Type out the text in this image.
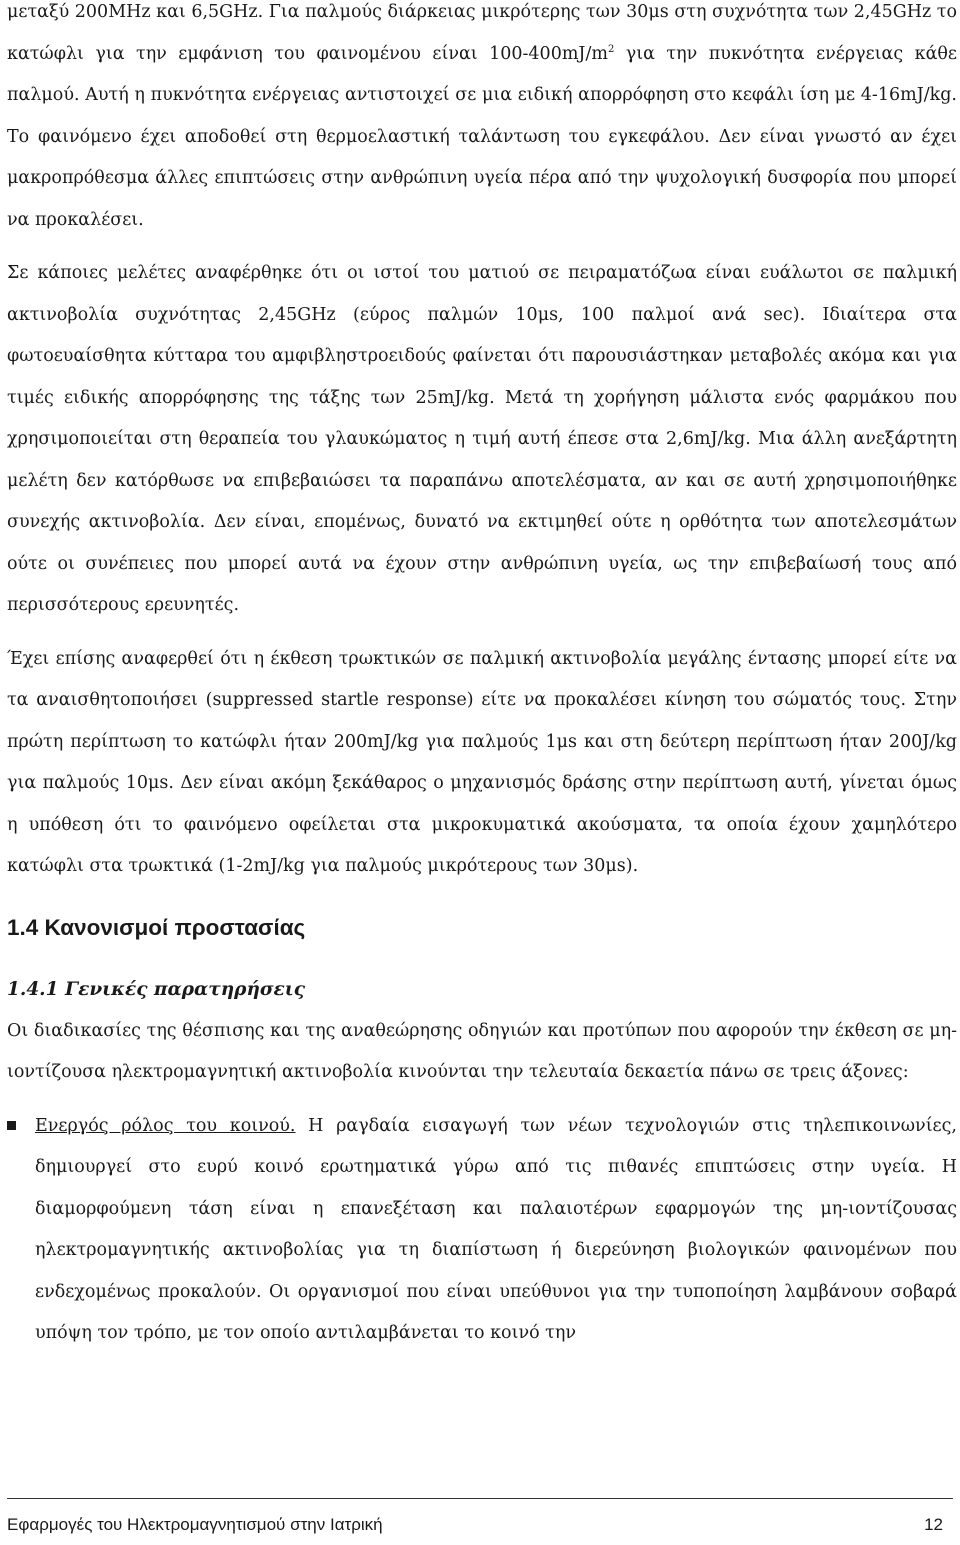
μεταξύ 200MHz και 6,5GHz. Για παλμούς διάρκειας μικρότερης των 30μs στη συχνότητα των 2,45GHz το κατώφλι για την εμφάνιση του φαινομένου είναι $100-400mJ/m^2$ για την πυκνότητα ενέργειας κάθε παλμού. Αυτή η πυκνότητα ενέργειας αντιστοιχεί σε μια ειδική απορρόφηση στο κεφάλι ίση με 4-16mJ/kg. Το φαινόμενο έχει αποδοθεί στη θερμοελαστική ταλάντωση του εγκεφάλου. Δεν είναι γνωστό αν έχει μακροπρόθεσμα άλλες επιπτώσεις στην ανθρώπινη υγεία πέρα από την ψυχολογική δυσφορία που μπορεί να προκαλέσει.

Σε κάποιες μελέτες αναφέρθηκε ότι οι ιστοί του ματιού σε πειραματόζωα είναι ευάλωτοι σε παλμική ακτινοβολία συχνότητας 2,45GHz (εύρος παλμών 10μs, 100 παλμοί ανά sec). Ιδιαίτερα στα φωτοευαίσθητα κύτταρα του αμφιβληστροειδούς φαίνεται ότι παρουσιάστηκαν μεταβολές ακόμα και για τιμές ειδικής απορρόφησης της τάξης των 25mJ/kg. Μετά τη χορήγηση μάλιστα ενός φαρμάκου που χρησιμοποιείται στη θεραπεία του γλαυκώματος η τιμή αυτή έπεσε στα 2,6mJ/kg. Μια άλλη ανεξάρτητη μελέτη δεν κατόρθωσε να επιβεβαιώσει τα παραπάνω αποτελέσματα, αν και σε αυτή χρησιμοποιήθηκε συνεχής ακτινοβολία. Δεν είναι, επομένως, δυνατό να εκτιμηθεί ούτε η ορθότητα των αποτελεσμάτων ούτε οι συνέπειες που μπορεί αυτά να έχουν στην ανθρώπινη υγεία, ως την επιβεβαίωσή τους από περισσότερους ερευνητές.

Έχει επίσης αναφερθεί ότι η έκθεση τρωκτικών σε παλμική ακτινοβολία μεγάλης έντασης μπορεί είτε να τα αναισθητοποιήσει (suppressed startle response) είτε να προκαλέσει κίνηση του σώματός τους. Στην πρώτη περίπτωση το κατώφλι ήταν 200mJ/kg για παλμούς 1μs και στη δεύτερη περίπτωση ήταν 200J/kg για παλμούς 10μs. Δεν είναι ακόμη ξεκάθαρος ο μηχανισμός δράσης στην περίπτωση αυτή, γίνεται όμως η υπόθεση ότι το φαινόμενο οφείλεται στα μικροκυματικά ακούσματα, τα οποία έχουν χαμηλότερο κατώφλι στα τρωκτικά (1-2mJ/kg για παλμούς μικρότερους των 30μs).

1.4 Κανονισμοί προστασίας
1.4.1 Γενικές παρατηρήσεις

Οι διαδικασίες της θέσπισης και της αναθεώρησης οδηγιών και προτύπων που αφορούν την έκθεση σε μη-ιοντίζουσα ηλεκτρομαγνητική ακτινοβολία κινούνται την τελευταία δεκαετία πάνω σε τρεις άξονες:

Ενεργός ρόλος του κοινού. Η ραγδαία εισαγωγή των νέων τεχνολογιών στις τηλεπικοινωνίες, δημιουργεί στο ευρύ κοινό ερωτηματικά γύρω από τις πιθανές επιπτώσεις στην υγεία. Η διαμορφούμενη τάση είναι η επανεξέταση και παλαιοτέρων εφαρμογών της μη-ιοντίζουσας ηλεκτρομαγνητικής ακτινοβολίας για τη διαπίστωση ή διερεύνηση βιολογικών φαινομένων που ενδεχομένως προκαλούν. Οι οργανισμοί που είναι υπεύθυνοι για την τυποποίηση λαμβάνουν σοβαρά υπόψη τον τρόπο, με τον οποίο αντιλαμβάνεται το κοινό την

Εφαρμογές του Ηλεκτρομαγνητισμού στην Ιατρική	12
